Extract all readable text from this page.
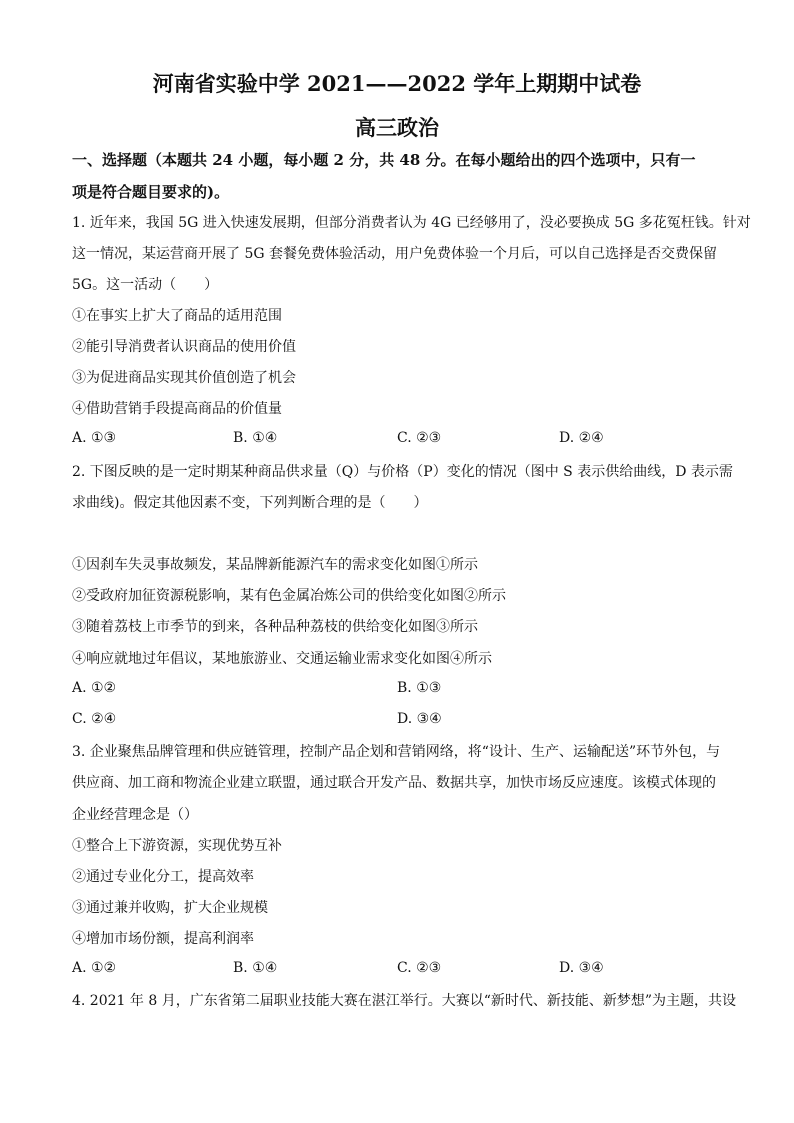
河南省实验中学 2021——2022 学年上期期中试卷
高三政治
一、选择题（本题共 24 小题，每小题 2 分，共 48 分。在每小题给出的四个选项中，只有一
项是符合题目要求的)。
1. 近年来，我国 5G 进入快速发展期，但部分消费者认为 4G 已经够用了，没必要换成 5G 多花冤枉钱。针对
这一情况，某运营商开展了 5G 套餐免费体验活动，用户免费体验一个月后，可以自己选择是否交费保留
5G。这一活动（　　）
①在事实上扩大了商品的适用范围
②能引导消费者认识商品的使用价值
③为促进商品实现其价值创造了机会
④借助营销手段提高商品的价值量
A. ①③	B. ①④	C. ②③	D. ②④
2. 下图反映的是一定时期某种商品供求量（Q）与价格（P）变化的情况（图中 S 表示供给曲线，D 表示需
求曲线)。假定其他因素不变，下列判断合理的是（　　）
①因刹车失灵事故频发，某品牌新能源汽车的需求变化如图①所示
②受政府加征资源税影响，某有色金属冶炼公司的供给变化如图②所示
③随着荔枝上市季节的到来，各种品种荔枝的供给变化如图③所示
④响应就地过年倡议，某地旅游业、交通运输业需求变化如图④所示
A. ①②	B. ①③
C. ②④	D. ③④
3. 企业聚焦品牌管理和供应链管理，控制产品企划和营销网络，将“设计、生产、运输配送”环节外包，与
供应商、加工商和物流企业建立联盟，通过联合开发产品、数据共享，加快市场反应速度。该模式体现的
企业经营理念是（）
①整合上下游资源，实现优势互补
②通过专业化分工，提高效率
③通过兼并收购，扩大企业规模
④增加市场份额，提高利润率
A. ①②	B. ①④	C. ②③	D. ③④
4. 2021 年 8 月，广东省第二届职业技能大赛在湛江举行。大赛以“新时代、新技能、新梦想”为主题，共设
